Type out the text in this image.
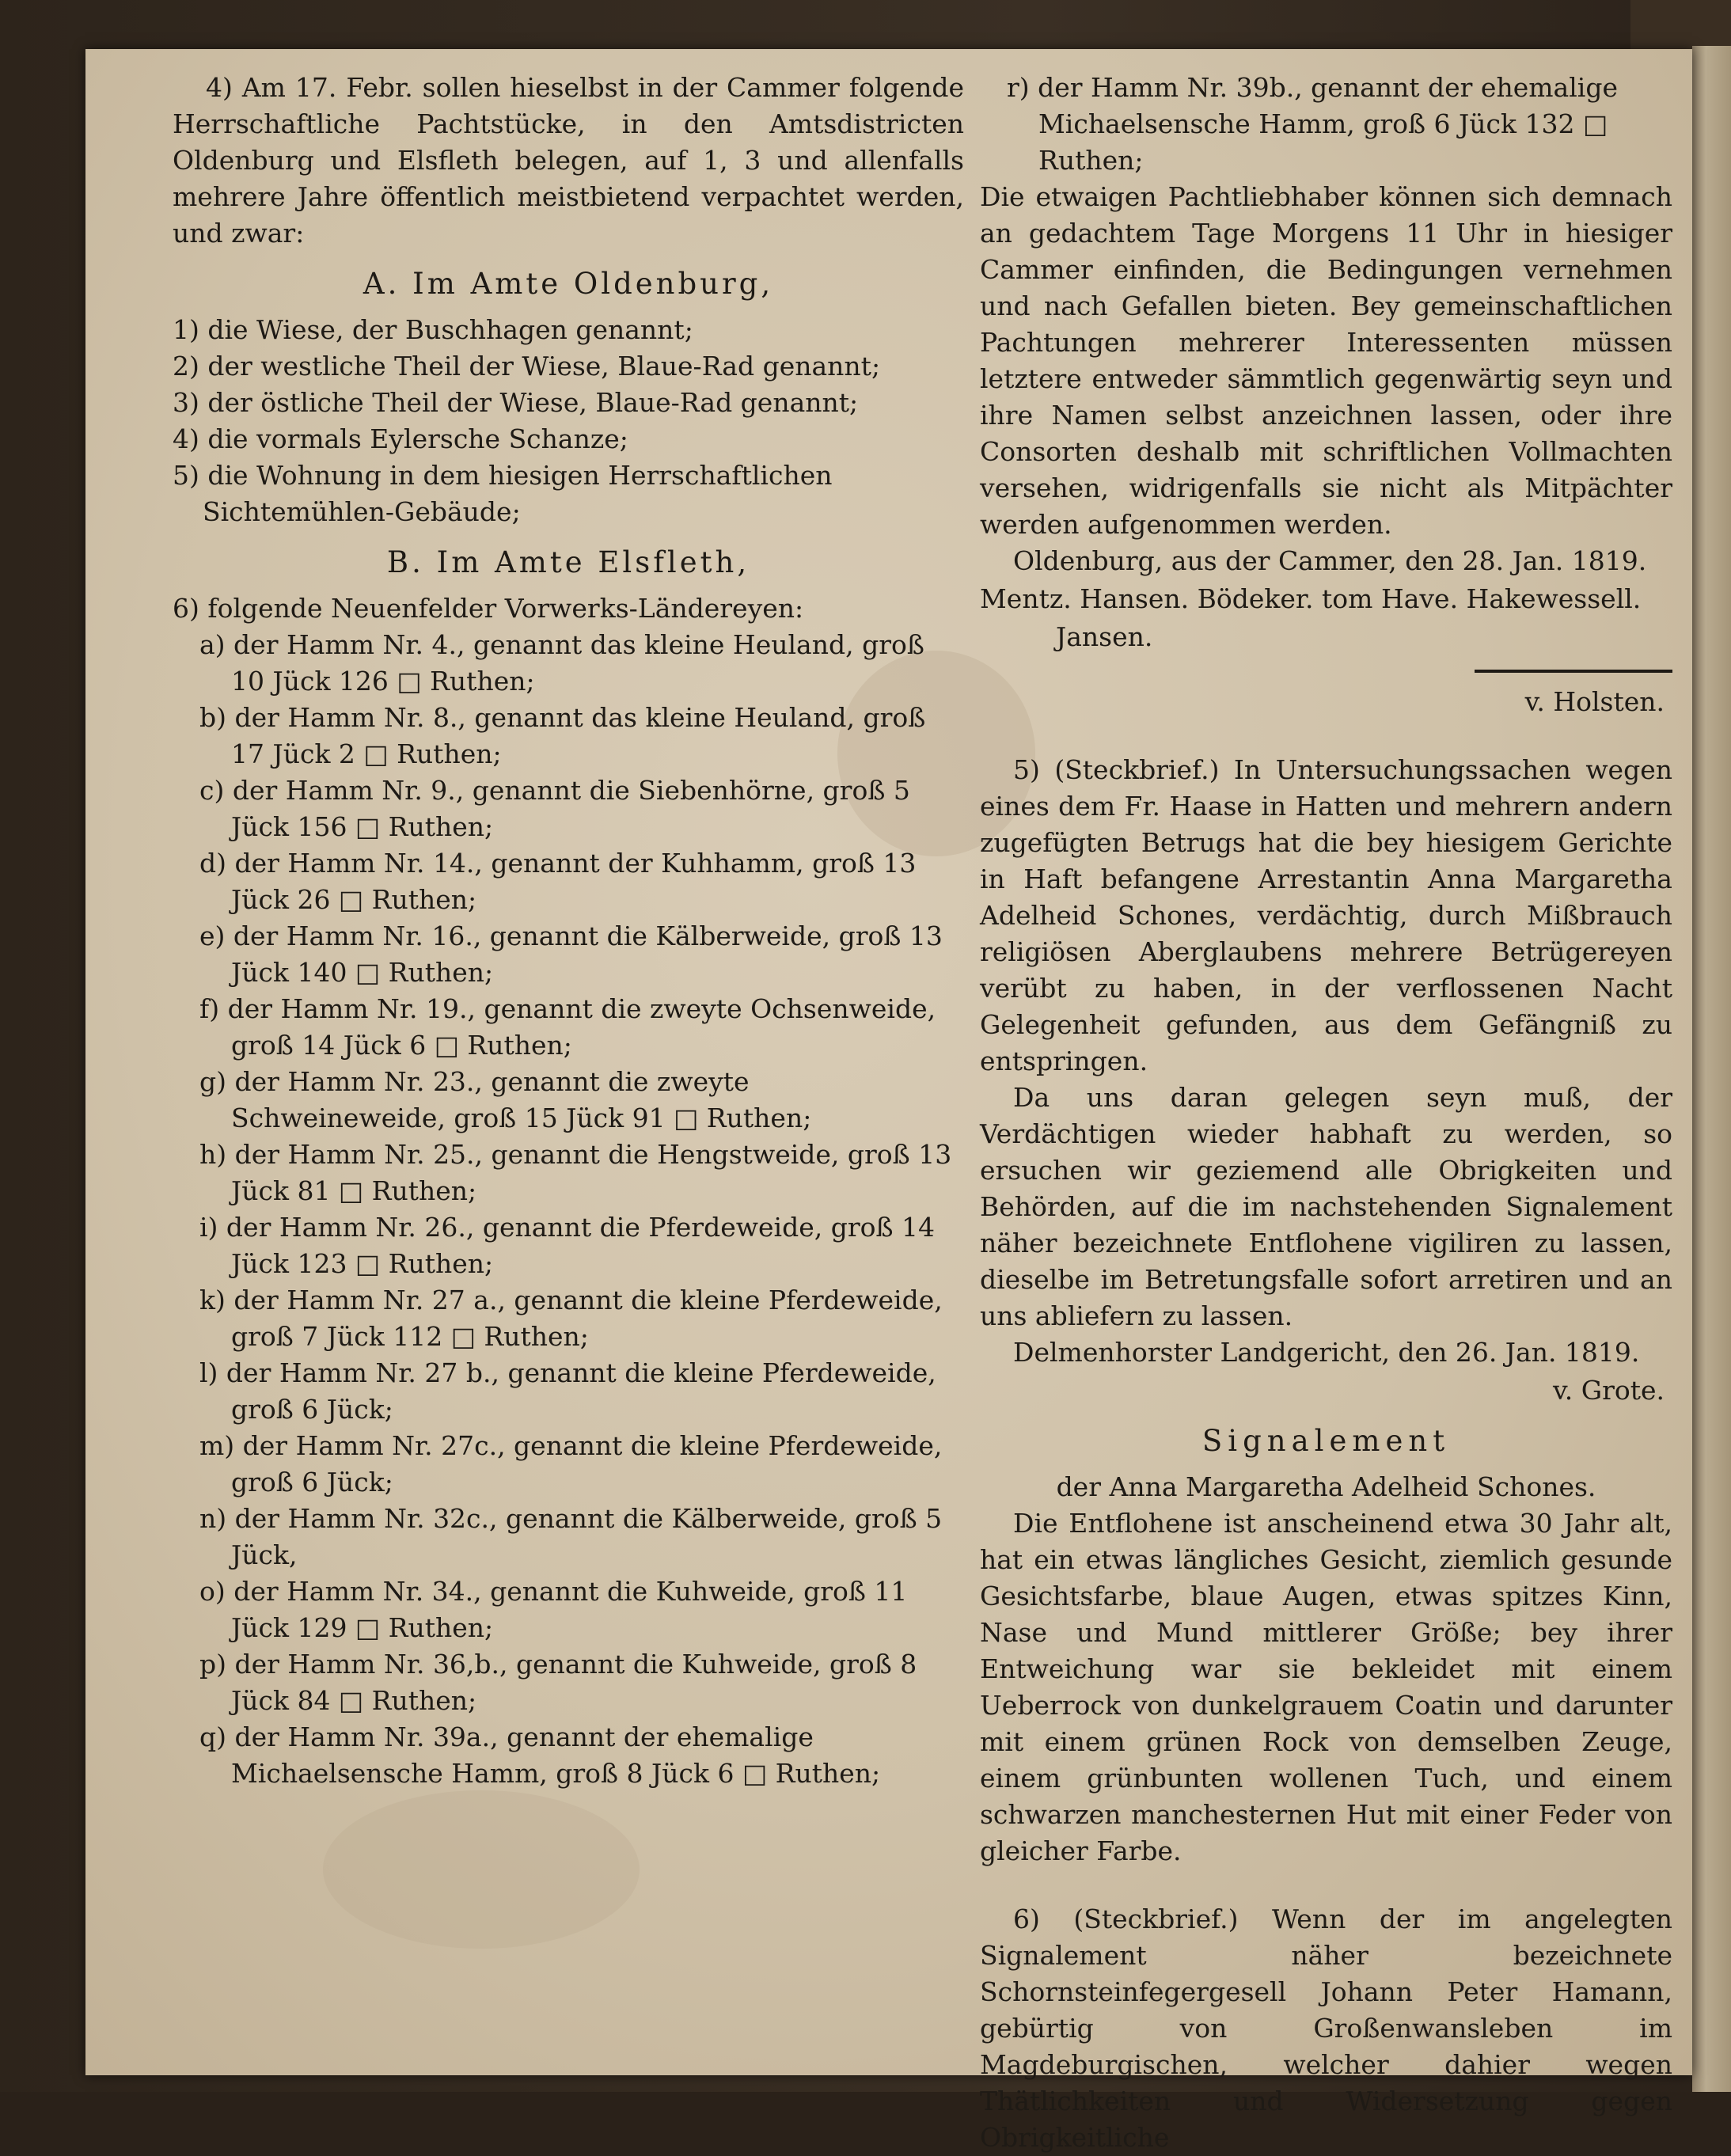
4) Am 17. Febr. sollen hieselbst in der Cammer folgende Herrschaftliche Pachtstücke, in den Amtsdistricten Oldenburg und Elsfleth belegen, auf 1, 3 und allenfalls mehrere Jahre öffentlich meistbietend verpachtet werden, und zwar:

A. Im Amte Oldenburg,

1) die Wiese, der Buschhagen genannt;

2) der westliche Theil der Wiese, Blaue-Rad genannt;

3) der östliche Theil der Wiese, Blaue-Rad genannt;

4) die vormals Eylersche Schanze;

5) die Wohnung in dem hiesigen Herrschaftlichen Sichtemühlen-Gebäude;

B. Im Amte Elsfleth,

6) folgende Neuenfelder Vorwerks-Ländereyen:

a) der Hamm Nr. 4., genannt das kleine Heuland, groß 10 Jück 126 □ Ruthen;

b) der Hamm Nr. 8., genannt das kleine Heuland, groß 17 Jück 2 □ Ruthen;

c) der Hamm Nr. 9., genannt die Siebenhörne, groß 5 Jück 156 □ Ruthen;

d) der Hamm Nr. 14., genannt der Kuhhamm, groß 13 Jück 26 □ Ruthen;

e) der Hamm Nr. 16., genannt die Kälberweide, groß 13 Jück 140 □ Ruthen;

f) der Hamm Nr. 19., genannt die zweyte Ochsenweide, groß 14 Jück 6 □ Ruthen;

g) der Hamm Nr. 23., genannt die zweyte Schweineweide, groß 15 Jück 91 □ Ruthen;

h) der Hamm Nr. 25., genannt die Hengstweide, groß 13 Jück 81 □ Ruthen;

i) der Hamm Nr. 26., genannt die Pferdeweide, groß 14 Jück 123 □ Ruthen;

k) der Hamm Nr. 27 a., genannt die kleine Pferdeweide, groß 7 Jück 112 □ Ruthen;

l) der Hamm Nr. 27 b., genannt die kleine Pferdeweide, groß 6 Jück;

m) der Hamm Nr. 27c., genannt die kleine Pferdeweide, groß 6 Jück;

n) der Hamm Nr. 32c., genannt die Kälberweide, groß 5 Jück,

o) der Hamm Nr. 34., genannt die Kuhweide, groß 11 Jück 129 □ Ruthen;

p) der Hamm Nr. 36,b., genannt die Kuhweide, groß 8 Jück 84 □ Ruthen;

q) der Hamm Nr. 39a., genannt der ehemalige Michaelsensche Hamm, groß 8 Jück 6 □ Ruthen;

r) der Hamm Nr. 39b., genannt der ehemalige Michaelsensche Hamm, groß 6 Jück 132 □ Ruthen;

Die etwaigen Pachtliebhaber können sich demnach an gedachtem Tage Morgens 11 Uhr in hiesiger Cammer einfinden, die Bedingungen vernehmen und nach Gefallen bieten. Bey gemeinschaftlichen Pachtungen mehrerer Interessenten müssen letztere entweder sämmtlich gegenwärtig seyn und ihre Namen selbst anzeichnen lassen, oder ihre Consorten deshalb mit schriftlichen Vollmachten versehen, widrigenfalls sie nicht als Mitpächter werden aufgenommen werden.

Oldenburg, aus der Cammer, den 28. Jan. 1819.

Mentz. Hansen. Bödeker. tom Have. Hakewessell.

Jansen.

v. Holsten.

5) (Steckbrief.) In Untersuchungssachen wegen eines dem Fr. Haase in Hatten und mehrern andern zugefügten Betrugs hat die bey hiesigem Gerichte in Haft befangene Arrestantin Anna Margaretha Adelheid Schones, verdächtig, durch Mißbrauch religiösen Aberglaubens mehrere Betrügereyen verübt zu haben, in der verflossenen Nacht Gelegenheit gefunden, aus dem Gefängniß zu entspringen.

Da uns daran gelegen seyn muß, der Verdächtigen wieder habhaft zu werden, so ersuchen wir geziemend alle Obrigkeiten und Behörden, auf die im nachstehenden Signalement näher bezeichnete Entflohene vigiliren zu lassen, dieselbe im Betretungsfalle sofort arretiren und an uns abliefern zu lassen.

Delmenhorster Landgericht, den 26. Jan. 1819.

v. Grote.

Signalement

der Anna Margaretha Adelheid Schones.

Die Entflohene ist anscheinend etwa 30 Jahr alt, hat ein etwas längliches Gesicht, ziemlich gesunde Gesichtsfarbe, blaue Augen, etwas spitzes Kinn, Nase und Mund mittlerer Größe; bey ihrer Entweichung war sie bekleidet mit einem Ueberrock von dunkelgrauem Coatin und darunter mit einem grünen Rock von demselben Zeuge, einem grünbunten wollenen Tuch, und einem schwarzen manchesternen Hut mit einer Feder von gleicher Farbe.

6) (Steckbrief.) Wenn der im angelegten Signalement näher bezeichnete Schornsteinfegergesell Johann Peter Hamann, gebürtig von Großenwansleben im Magdeburgischen, welcher dahier wegen Thätlichkeiten und Widersetzung gegen Obrigkeitliche
